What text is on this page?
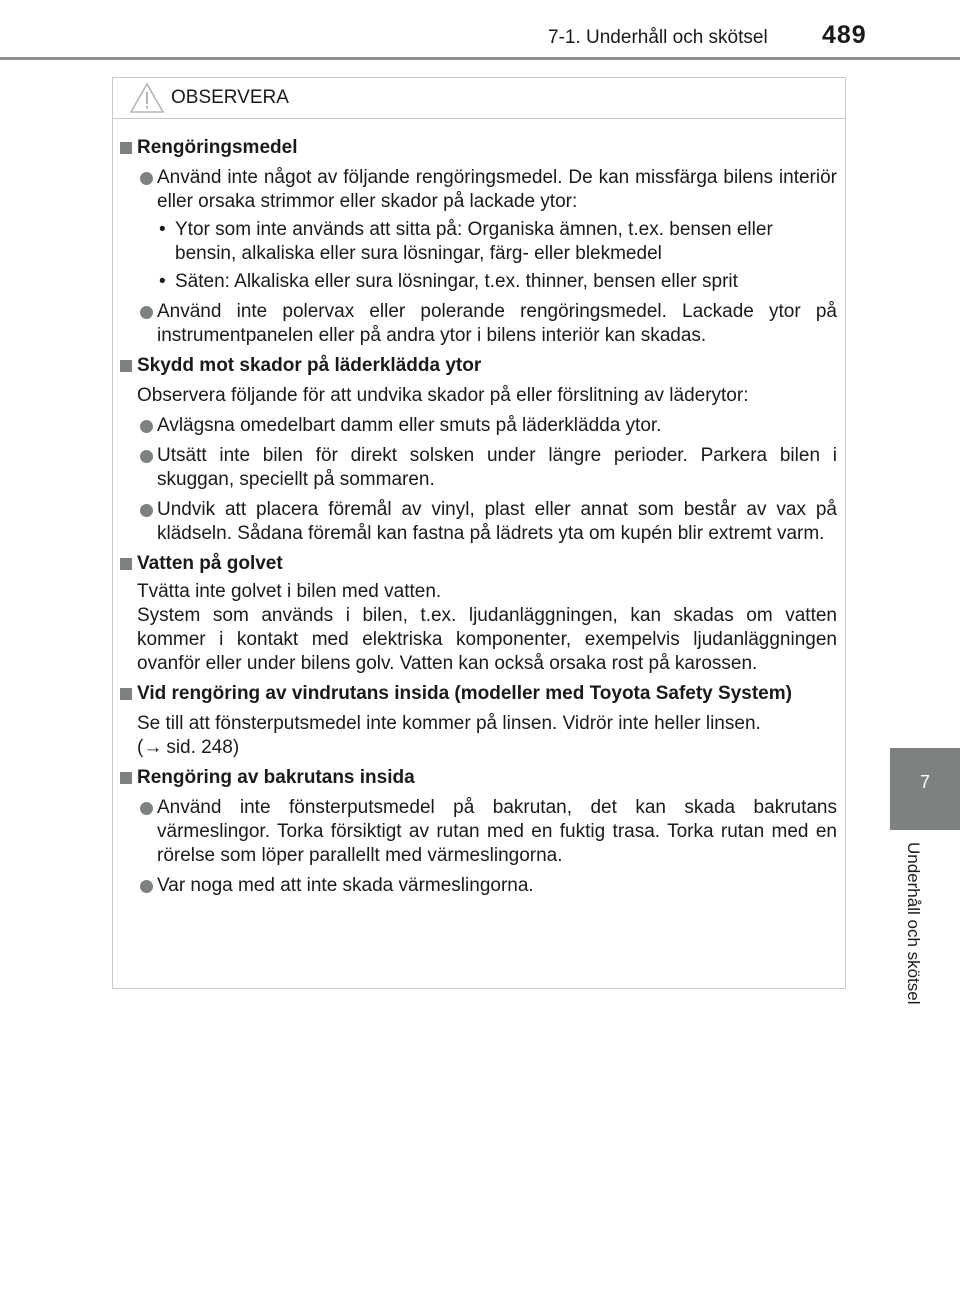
7-1. Underhåll och skötsel 489
7
Underhåll och skötsel
OBSERVERA
Rengöringsmedel
Använd inte något av följande rengöringsmedel. De kan missfärga bilens interiör eller orsaka strimmor eller skador på lackade ytor:
• Ytor som inte används att sitta på: Organiska ämnen, t.ex. bensen eller bensin, alkaliska eller sura lösningar, färg- eller blekmedel
• Säten: Alkaliska eller sura lösningar, t.ex. thinner, bensen eller sprit
Använd inte polervax eller polerande rengöringsmedel. Lackade ytor på instrumentpanelen eller på andra ytor i bilens interiör kan skadas.
Skydd mot skador på läderklädda ytor
Observera följande för att undvika skador på eller förslitning av läderytor:
Avlägsna omedelbart damm eller smuts på läderklädda ytor.
Utsätt inte bilen för direkt solsken under längre perioder. Parkera bilen i skuggan, speciellt på sommaren.
Undvik att placera föremål av vinyl, plast eller annat som består av vax på klädseln. Sådana föremål kan fastna på lädrets yta om kupén blir extremt varm.
Vatten på golvet
Tvätta inte golvet i bilen med vatten.
System som används i bilen, t.ex. ljudanläggningen, kan skadas om vatten kommer i kontakt med elektriska komponenter, exempelvis ljudanläggningen ovanför eller under bilens golv. Vatten kan också orsaka rost på karossen.
Vid rengöring av vindrutans insida (modeller med Toyota Safety System)
Se till att fönsterputsmedel inte kommer på linsen. Vidrör inte heller linsen.
(→ sid. 248)
Rengöring av bakrutans insida
Använd inte fönsterputsmedel på bakrutan, det kan skada bakrutans värmeslingor. Torka försiktigt av rutan med en fuktig trasa. Torka rutan med en rörelse som löper parallellt med värmeslingorna.
Var noga med att inte skada värmeslingorna.
